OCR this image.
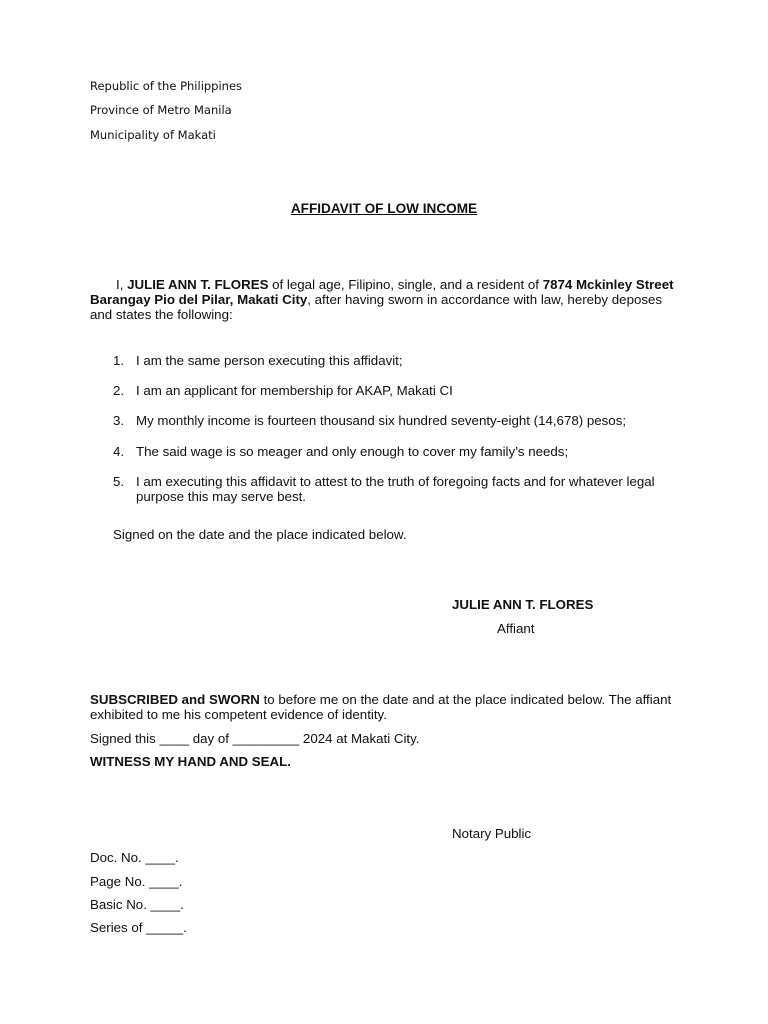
Republic of the Philippines
Province of Metro Manila
Municipality of Makati
AFFIDAVIT OF LOW INCOME
I, JULIE ANN T. FLORES of legal age, Filipino, single, and a resident of 7874 Mckinley Street Barangay Pio del Pilar, Makati City, after having sworn in accordance with law, hereby deposes and states the following:
1. I am the same person executing this affidavit;
2. I am an applicant for membership for AKAP, Makati CI
3. My monthly income is fourteen thousand six hundred seventy-eight (14,678) pesos;
4. The said wage is so meager and only enough to cover my family’s needs;
5. I am executing this affidavit to attest to the truth of foregoing facts and for whatever legal purpose this may serve best.
Signed on the date and the place indicated below.
JULIE ANN T. FLORES
Affiant
SUBSCRIBED and SWORN to before me on the date and at the place indicated below. The affiant exhibited to me his competent evidence of identity.
Signed this ____ day of _________ 2024 at Makati City.
WITNESS MY HAND AND SEAL.
Notary Public
Doc. No. ____.
Page No. ____.
Basic No. ____.
Series of _____.
